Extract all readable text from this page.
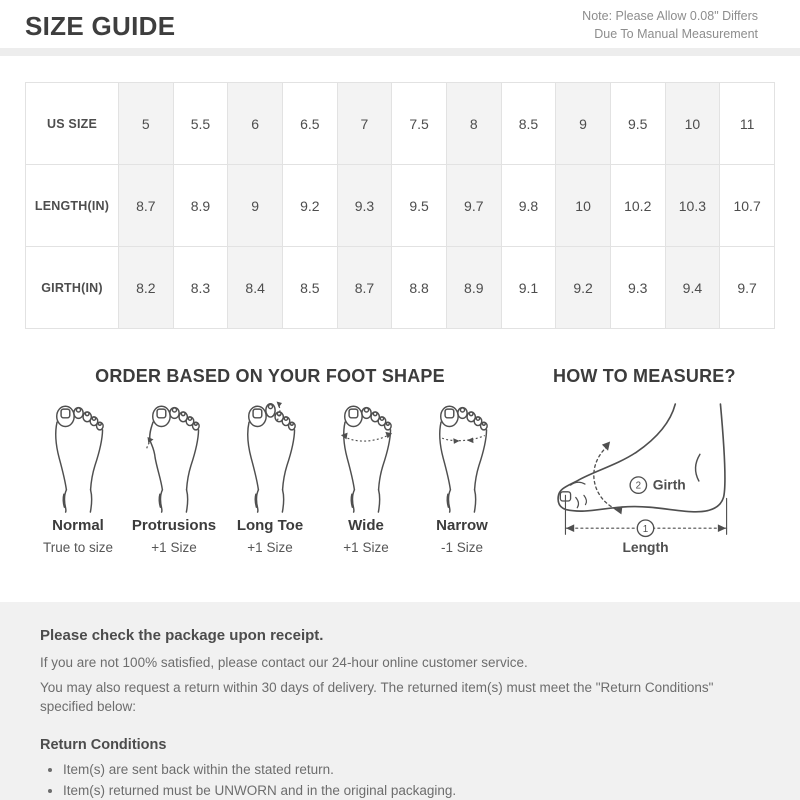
SIZE GUIDE	Note: Please Allow 0.08" Differs
Due To Manual Measurement
US SIZE	5	5.5	6	6.5	7	7.5	8	8.5	9	9.5	10	11
LENGTH(IN)	8.7	8.9	9	9.2	9.3	9.5	9.7	9.8	10	10.2	10.3	10.7
GIRTH(IN)	8.2	8.3	8.4	8.5	8.7	8.8	8.9	9.1	9.2	9.3	9.4	9.7
ORDER BASED ON YOUR FOOT SHAPE
Normal
True to size
Protrusions
+1 Size
Long Toe
+1 Size
Wide
+1 Size
Narrow
-1 Size
HOW TO MEASURE?
2 Girth
1
Length
Please check the package upon receipt.

If you are not 100% satisfied, please contact our 24-hour online customer service.

You may also request a return within 30 days of delivery. The returned item(s) must meet the "Return Conditions" specified below:

Return Conditions
• Item(s) are sent back within the stated return.
• Item(s) returned must be UNWORN and in the original packaging.
